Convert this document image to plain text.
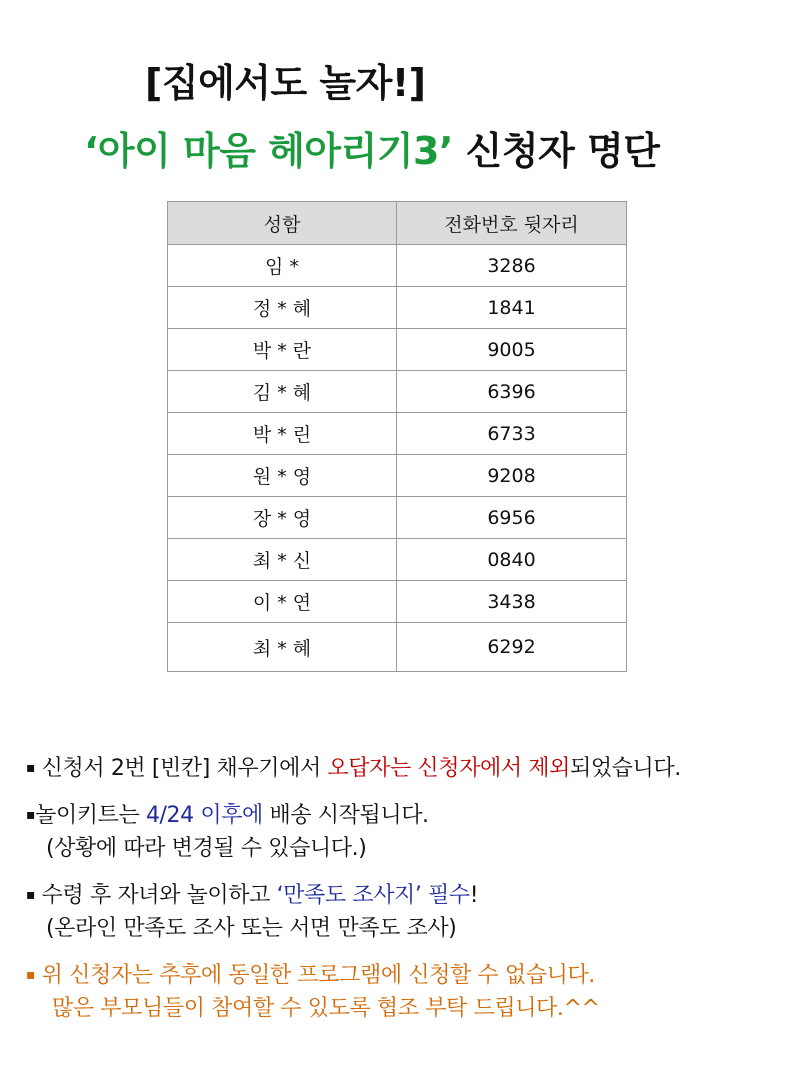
[집에서도 놀자!]
‘아이 마음 헤아리기3’ 신청자 명단
성함	전화번호 뒷자리
임 *	3286
정 * 혜	1841
박 * 란	9005
김 * 혜	6396
박 * 린	6733
원 * 영	9208
장 * 영	6956
최 * 신	0840
이 * 연	3438
최 * 혜	6292
▪ 신청서 2번 [빈칸] 채우기에서 오답자는 신청자에서 제외되었습니다.
▪놀이키트는 4/24 이후에 배송 시작됩니다.
(상황에 따라 변경될 수 있습니다.)
▪ 수령 후 자녀와 놀이하고 ‘만족도 조사지’ 필수!
(온라인 만족도 조사 또는 서면 만족도 조사)
▪ 위 신청자는 추후에 동일한 프로그램에 신청할 수 없습니다.
많은 부모님들이 참여할 수 있도록 협조 부탁 드립니다.^^
